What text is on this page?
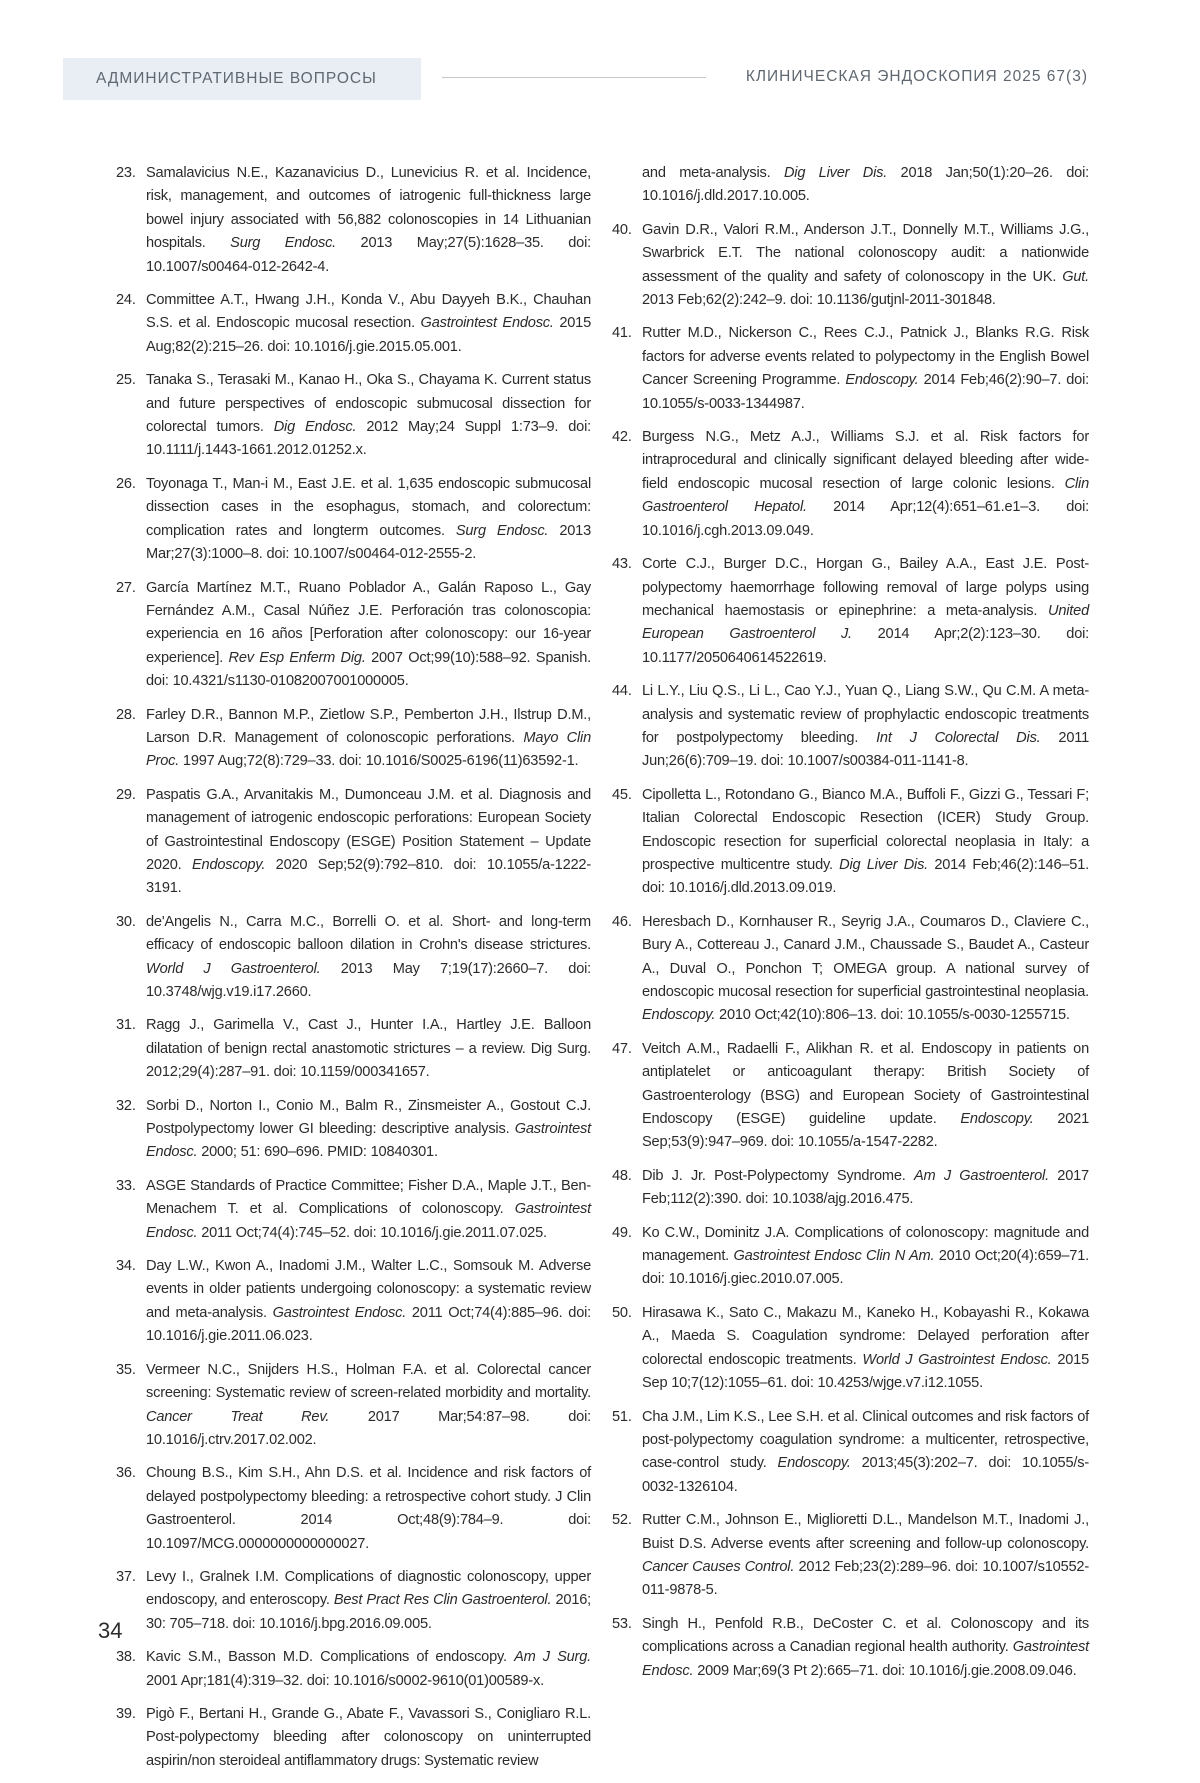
АДМИНИСТРАТИВНЫЕ ВОПРОСЫ	КЛИНИЧЕСКАЯ ЭНДОСКОПИЯ 2025 67(3)
23. Samalavicius N.E., Kazanavicius D., Lunevicius R. et al. Incidence, risk, management, and outcomes of iatrogenic full-thickness large bowel injury associated with 56,882 colonoscopies in 14 Lithuanian hospitals. Surg Endosc. 2013 May;27(5):1628–35. doi: 10.1007/s00464-012-2642-4.
24. Committee A.T., Hwang J.H., Konda V., Abu Dayyeh B.K., Chauhan S.S. et al. Endoscopic mucosal resection. Gastrointest Endosc. 2015 Aug;82(2):215–26. doi: 10.1016/j.gie.2015.05.001.
25. Tanaka S., Terasaki M., Kanao H., Oka S., Chayama K. Current status and future perspectives of endoscopic submucosal dissection for colorectal tumors. Dig Endosc. 2012 May;24 Suppl 1:73–9. doi: 10.1111/j.1443-1661.2012.01252.x.
26. Toyonaga T., Man-i M., East J.E. et al. 1,635 endoscopic submucosal dissection cases in the esophagus, stomach, and colorectum: complication rates and longterm outcomes. Surg Endosc. 2013 Mar;27(3):1000–8. doi: 10.1007/s00464-012-2555-2.
27. García Martínez M.T., Ruano Poblador A., Galán Raposo L., Gay Fernández A.M., Casal Núñez J.E. Perforación tras colonoscopia: experiencia en 16 años [Perforation after colonoscopy: our 16-year experience]. Rev Esp Enferm Dig. 2007 Oct;99(10):588–92. Spanish. doi: 10.4321/s1130-01082007001000005.
28. Farley D.R., Bannon M.P., Zietlow S.P., Pemberton J.H., Ilstrup D.M., Larson D.R. Management of colonoscopic perforations. Mayo Clin Proc. 1997 Aug;72(8):729–33. doi: 10.1016/S0025-6196(11)63592-1.
29. Paspatis G.A., Arvanitakis M., Dumonceau J.M. et al. Diagnosis and management of iatrogenic endoscopic perforations: European Society of Gastrointestinal Endoscopy (ESGE) Position Statement – Update 2020. Endoscopy. 2020 Sep;52(9):792–810. doi: 10.1055/a-1222-3191.
30. de'Angelis N., Carra M.C., Borrelli O. et al. Short- and long-term efficacy of endoscopic balloon dilation in Crohn's disease strictures. World J Gastroenterol. 2013 May 7;19(17):2660–7. doi: 10.3748/wjg.v19.i17.2660.
31. Ragg J., Garimella V., Cast J., Hunter I.A., Hartley J.E. Balloon dilatation of benign rectal anastomotic strictures – a review. Dig Surg. 2012;29(4):287–91. doi: 10.1159/000341657.
32. Sorbi D., Norton I., Conio M., Balm R., Zinsmeister A., Gostout C.J. Postpolypectomy lower GI bleeding: descriptive analysis. Gastrointest Endosc. 2000; 51: 690–696. PMID: 10840301.
33. ASGE Standards of Practice Committee; Fisher D.A., Maple J.T., Ben-Menachem T. et al. Complications of colonoscopy. Gastrointest Endosc. 2011 Oct;74(4):745–52. doi: 10.1016/j.gie.2011.07.025.
34. Day L.W., Kwon A., Inadomi J.M., Walter L.C., Somsouk M. Adverse events in older patients undergoing colonoscopy: a systematic review and meta-analysis. Gastrointest Endosc. 2011 Oct;74(4):885–96. doi: 10.1016/j.gie.2011.06.023.
35. Vermeer N.C., Snijders H.S., Holman F.A. et al. Colorectal cancer screening: Systematic review of screen-related morbidity and mortality. Cancer Treat Rev. 2017 Mar;54:87–98. doi: 10.1016/j.ctrv.2017.02.002.
36. Choung B.S., Kim S.H., Ahn D.S. et al. Incidence and risk factors of delayed postpolypectomy bleeding: a retrospective cohort study. J Clin Gastroenterol. 2014 Oct;48(9):784–9. doi: 10.1097/MCG.0000000000000027.
37. Levy I., Gralnek I.M. Complications of diagnostic colonoscopy, upper endoscopy, and enteroscopy. Best Pract Res Clin Gastroenterol. 2016; 30: 705–718. doi: 10.1016/j.bpg.2016.09.005.
38. Kavic S.M., Basson M.D. Complications of endoscopy. Am J Surg. 2001 Apr;181(4):319–32. doi: 10.1016/s0002-9610(01)00589-x.
39. Pigò F., Bertani H., Grande G., Abate F., Vavassori S., Conigliaro R.L. Post-polypectomy bleeding after colonoscopy on uninterrupted aspirin/non steroideal antiflammatory drugs: Systematic review
and meta-analysis. Dig Liver Dis. 2018 Jan;50(1):20–26. doi: 10.1016/j.dld.2017.10.005.
40. Gavin D.R., Valori R.M., Anderson J.T., Donnelly M.T., Williams J.G., Swarbrick E.T. The national colonoscopy audit: a nationwide assessment of the quality and safety of colonoscopy in the UK. Gut. 2013 Feb;62(2):242–9. doi: 10.1136/gutjnl-2011-301848.
41. Rutter M.D., Nickerson C., Rees C.J., Patnick J., Blanks R.G. Risk factors for adverse events related to polypectomy in the English Bowel Cancer Screening Programme. Endoscopy. 2014 Feb;46(2):90–7. doi: 10.1055/s-0033-1344987.
42. Burgess N.G., Metz A.J., Williams S.J. et al. Risk factors for intraprocedural and clinically significant delayed bleeding after wide-field endoscopic mucosal resection of large colonic lesions. Clin Gastroenterol Hepatol. 2014 Apr;12(4):651–61.e1–3. doi: 10.1016/j.cgh.2013.09.049.
43. Corte C.J., Burger D.C., Horgan G., Bailey A.A., East J.E. Post-polypectomy haemorrhage following removal of large polyps using mechanical haemostasis or epinephrine: a meta-analysis. United European Gastroenterol J. 2014 Apr;2(2):123–30. doi: 10.1177/2050640614522619.
44. Li L.Y., Liu Q.S., Li L., Cao Y.J., Yuan Q., Liang S.W., Qu C.M. A meta-analysis and systematic review of prophylactic endoscopic treatments for postpolypectomy bleeding. Int J Colorectal Dis. 2011 Jun;26(6):709–19. doi: 10.1007/s00384-011-1141-8.
45. Cipolletta L., Rotondano G., Bianco M.A., Buffoli F., Gizzi G., Tessari F; Italian Colorectal Endoscopic Resection (ICER) Study Group. Endoscopic resection for superficial colorectal neoplasia in Italy: a prospective multicentre study. Dig Liver Dis. 2014 Feb;46(2):146–51. doi: 10.1016/j.dld.2013.09.019.
46. Heresbach D., Kornhauser R., Seyrig J.A., Coumaros D., Claviere C., Bury A., Cottereau J., Canard J.M., Chaussade S., Baudet A., Casteur A., Duval O., Ponchon T; OMEGA group. A national survey of endoscopic mucosal resection for superficial gastrointestinal neoplasia. Endoscopy. 2010 Oct;42(10):806–13. doi: 10.1055/s-0030-1255715.
47. Veitch A.M., Radaelli F., Alikhan R. et al. Endoscopy in patients on antiplatelet or anticoagulant therapy: British Society of Gastroenterology (BSG) and European Society of Gastrointestinal Endoscopy (ESGE) guideline update. Endoscopy. 2021 Sep;53(9):947–969. doi: 10.1055/a-1547-2282.
48. Dib J. Jr. Post-Polypectomy Syndrome. Am J Gastroenterol. 2017 Feb;112(2):390. doi: 10.1038/ajg.2016.475.
49. Ko C.W., Dominitz J.A. Complications of colonoscopy: magnitude and management. Gastrointest Endosc Clin N Am. 2010 Oct;20(4):659–71. doi: 10.1016/j.giec.2010.07.005.
50. Hirasawa K., Sato C., Makazu M., Kaneko H., Kobayashi R., Kokawa A., Maeda S. Coagulation syndrome: Delayed perforation after colorectal endoscopic treatments. World J Gastrointest Endosc. 2015 Sep 10;7(12):1055–61. doi: 10.4253/wjge.v7.i12.1055.
51. Cha J.M., Lim K.S., Lee S.H. et al. Clinical outcomes and risk factors of post-polypectomy coagulation syndrome: a multicenter, retrospective, case-control study. Endoscopy. 2013;45(3):202–7. doi: 10.1055/s-0032-1326104.
52. Rutter C.M., Johnson E., Miglioretti D.L., Mandelson M.T., Inadomi J., Buist D.S. Adverse events after screening and follow-up colonoscopy. Cancer Causes Control. 2012 Feb;23(2):289–96. doi: 10.1007/s10552-011-9878-5.
53. Singh H., Penfold R.B., DeCoster C. et al. Colonoscopy and its complications across a Canadian regional health authority. Gastrointest Endosc. 2009 Mar;69(3 Pt 2):665–71. doi: 10.1016/j.gie.2008.09.046.
34
